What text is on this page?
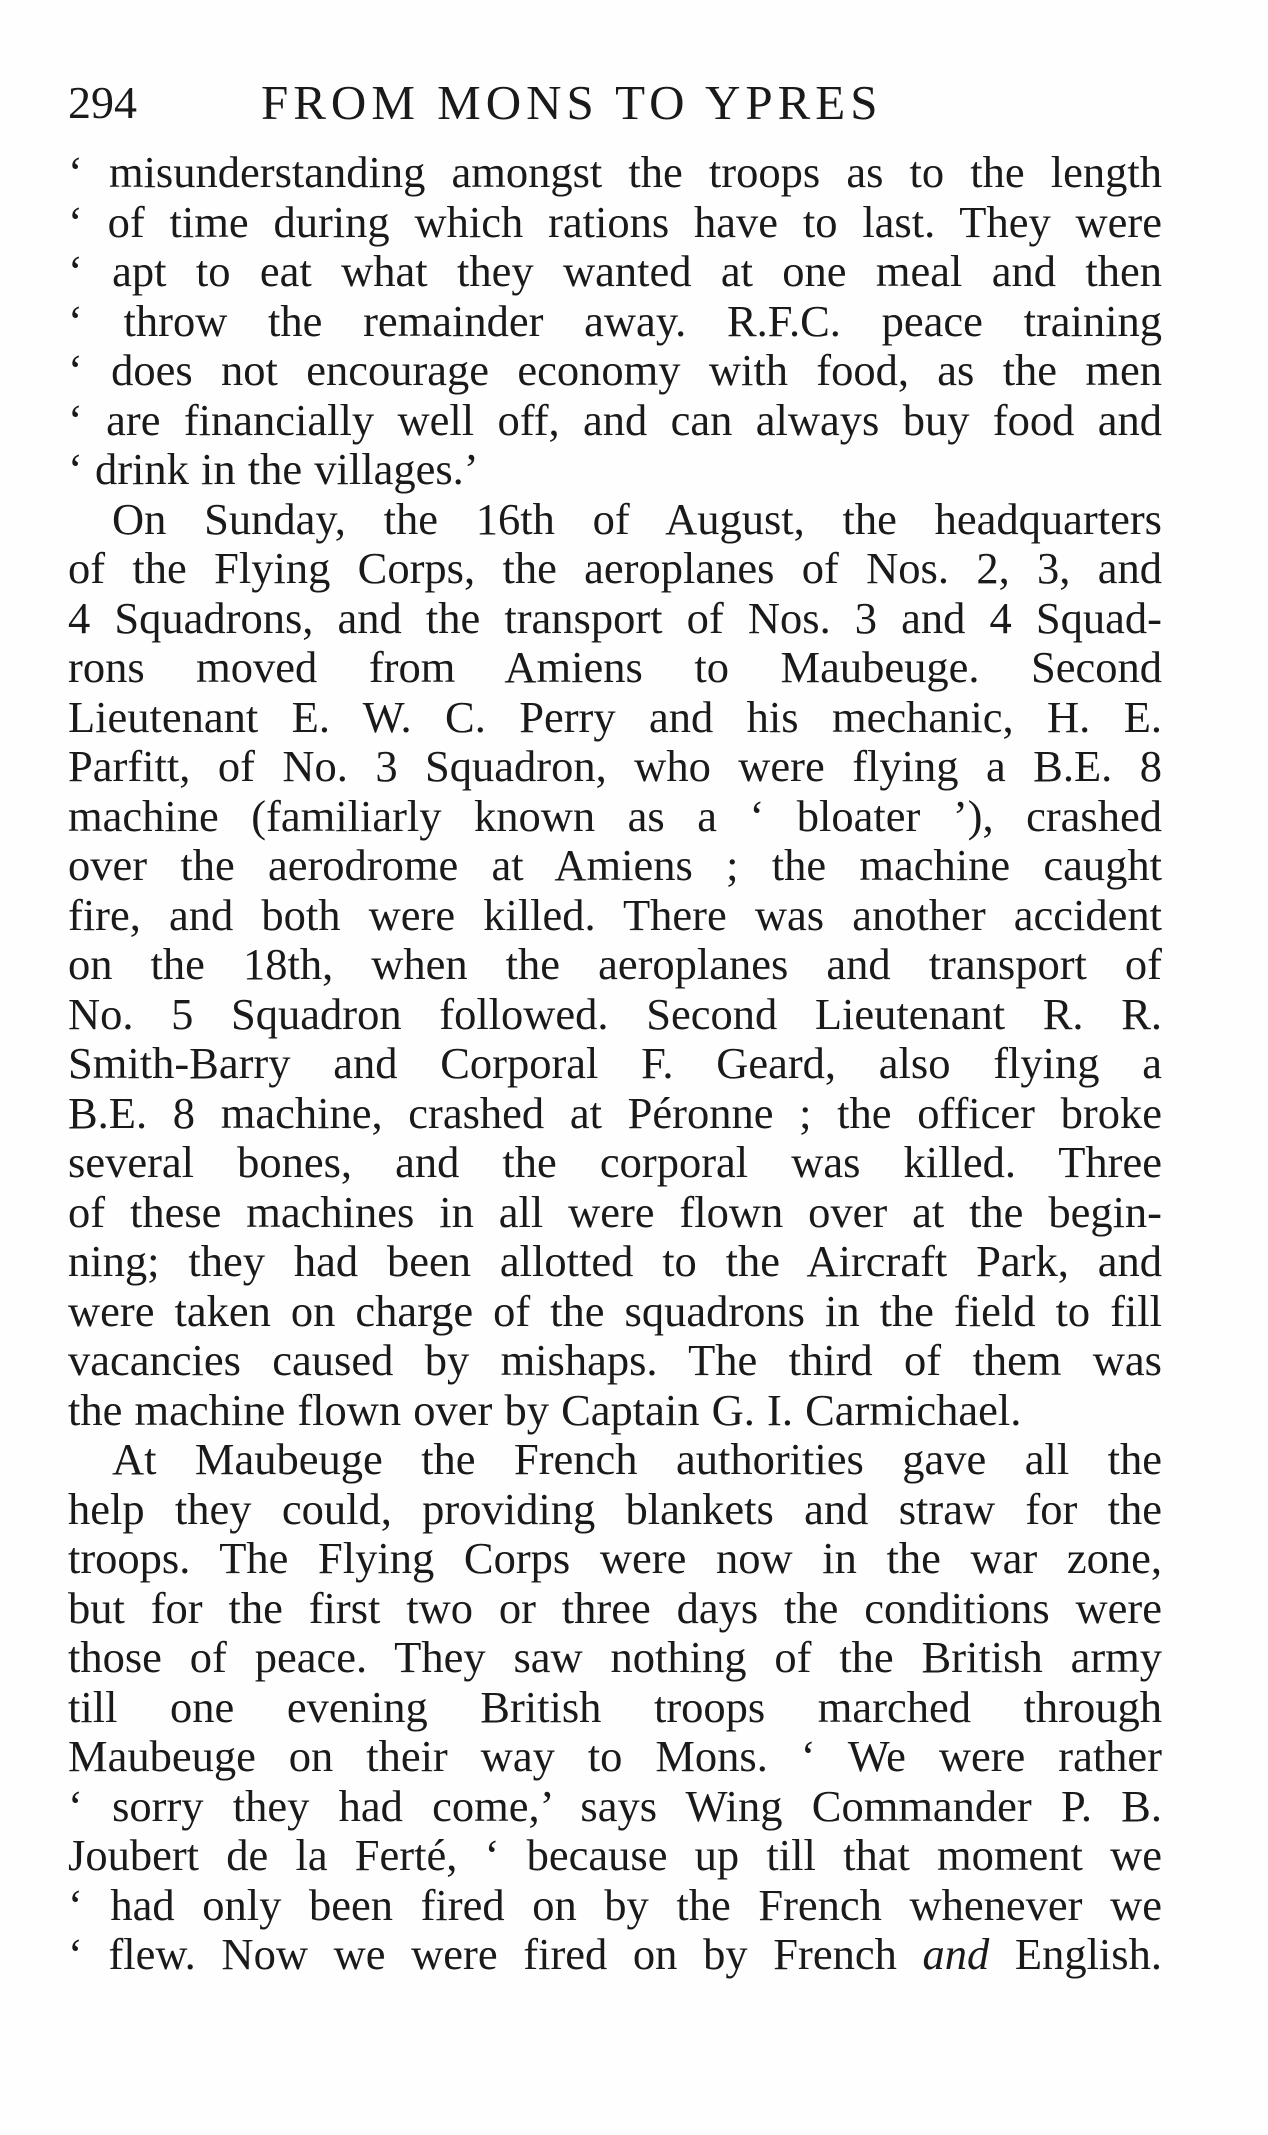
294	FROM MONS TO YPRES
‘ misunderstanding amongst the troops as to the length
‘ of time during which rations have to last. They were
‘ apt to eat what they wanted at one meal and then
‘ throw the remainder away. R.F.C. peace training
‘ does not encourage economy with food, as the men
‘ are financially well off, and can always buy food and
‘ drink in the villages.’
On Sunday, the 16th of August, the headquarters
of the Flying Corps, the aeroplanes of Nos. 2, 3, and
4 Squadrons, and the transport of Nos. 3 and 4 Squad-
rons moved from Amiens to Maubeuge. Second
Lieutenant E. W. C. Perry and his mechanic, H. E.
Parfitt, of No. 3 Squadron, who were flying a B.E. 8
machine (familiarly known as a ‘ bloater ’), crashed
over the aerodrome at Amiens ; the machine caught
fire, and both were killed. There was another accident
on the 18th, when the aeroplanes and transport of
No. 5 Squadron followed. Second Lieutenant R. R.
Smith-Barry and Corporal F. Geard, also flying a
B.E. 8 machine, crashed at Péronne ; the officer broke
several bones, and the corporal was killed. Three
of these machines in all were flown over at the begin-
ning; they had been allotted to the Aircraft Park, and
were taken on charge of the squadrons in the field to fill
vacancies caused by mishaps. The third of them was
the machine flown over by Captain G. I. Carmichael.
At Maubeuge the French authorities gave all the
help they could, providing blankets and straw for the
troops. The Flying Corps were now in the war zone,
but for the first two or three days the conditions were
those of peace. They saw nothing of the British army
till one evening British troops marched through
Maubeuge on their way to Mons. ‘ We were rather
‘ sorry they had come,’ says Wing Commander P. B.
Joubert de la Ferté, ‘ because up till that moment we
‘ had only been fired on by the French whenever we
‘ flew. Now we were fired on by French and English.
